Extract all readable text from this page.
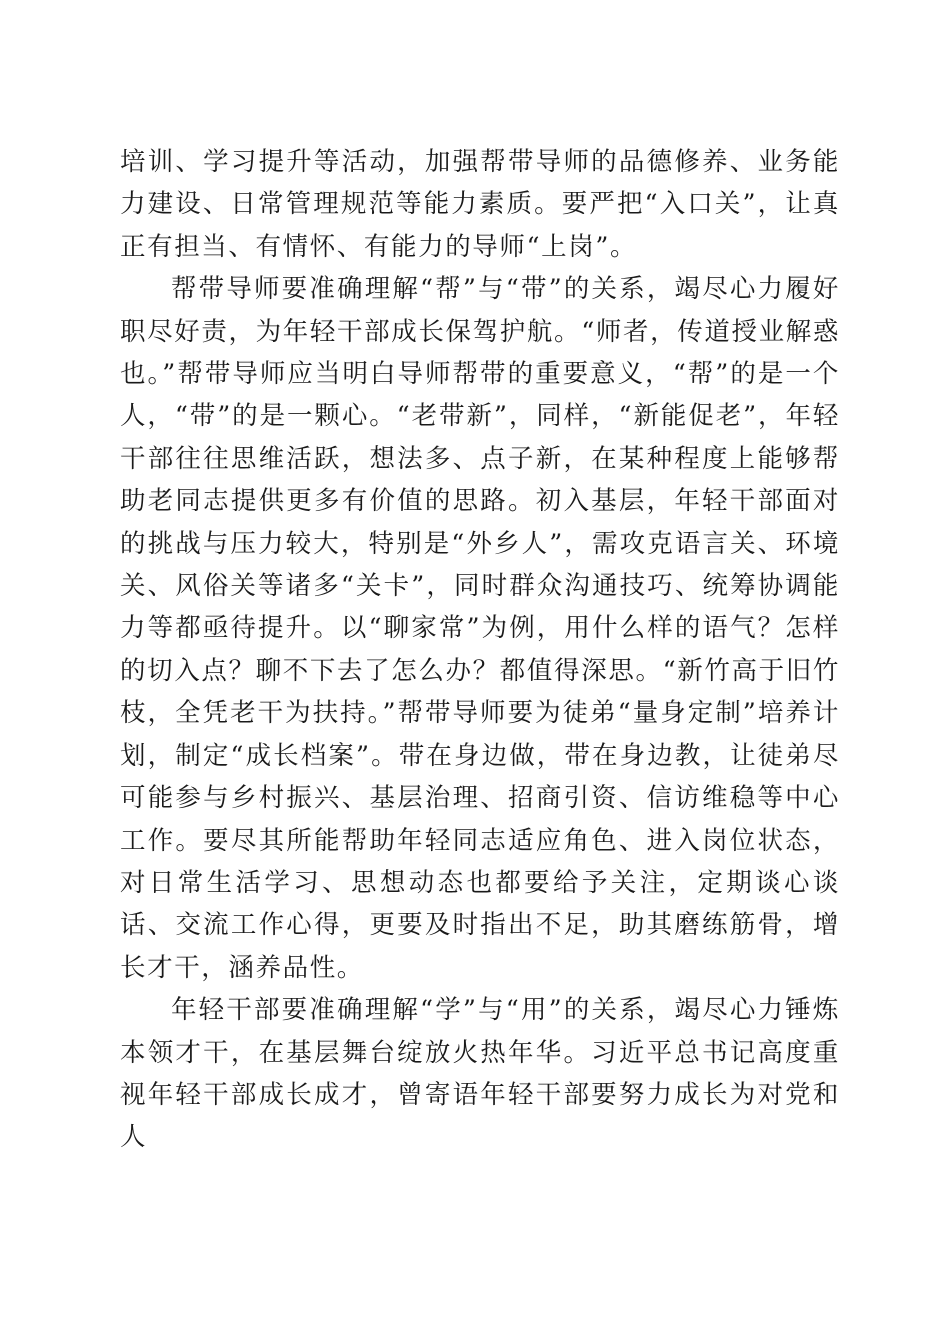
培训、学习提升等活动，加强帮带导师的品德修养、业务能力建设、日常管理规范等能力素质。要严把“入口关”，让真正有担当、有情怀、有能力的导师“上岗”。

帮带导师要准确理解“帮”与“带”的关系，竭尽心力履好职尽好责，为年轻干部成长保驾护航。“师者，传道授业解惑也。”帮带导师应当明白导师帮带的重要意义，“帮”的是一个人，“带”的是一颗心。“老带新”，同样，“新能促老”，年轻干部往往思维活跃，想法多、点子新，在某种程度上能够帮助老同志提供更多有价值的思路。初入基层，年轻干部面对的挑战与压力较大，特别是“外乡人”，需攻克语言关、环境关、风俗关等诸多“关卡”，同时群众沟通技巧、统筹协调能力等都亟待提升。以“聊家常”为例，用什么样的语气？怎样的切入点？聊不下去了怎么办？都值得深思。“新竹高于旧竹枝，全凭老干为扶持。”帮带导师要为徒弟“量身定制”培养计划，制定“成长档案”。带在身边做，带在身边教，让徒弟尽可能参与乡村振兴、基层治理、招商引资、信访维稳等中心工作。要尽其所能帮助年轻同志适应角色、进入岗位状态，对日常生活学习、思想动态也都要给予关注，定期谈心谈话、交流工作心得，更要及时指出不足，助其磨练筋骨，增长才干，涵养品性。

年轻干部要准确理解“学”与“用”的关系，竭尽心力锤炼本领才干，在基层舞台绽放火热年华。习近平总书记高度重视年轻干部成长成才，曾寄语年轻干部要努力成长为对党和人
